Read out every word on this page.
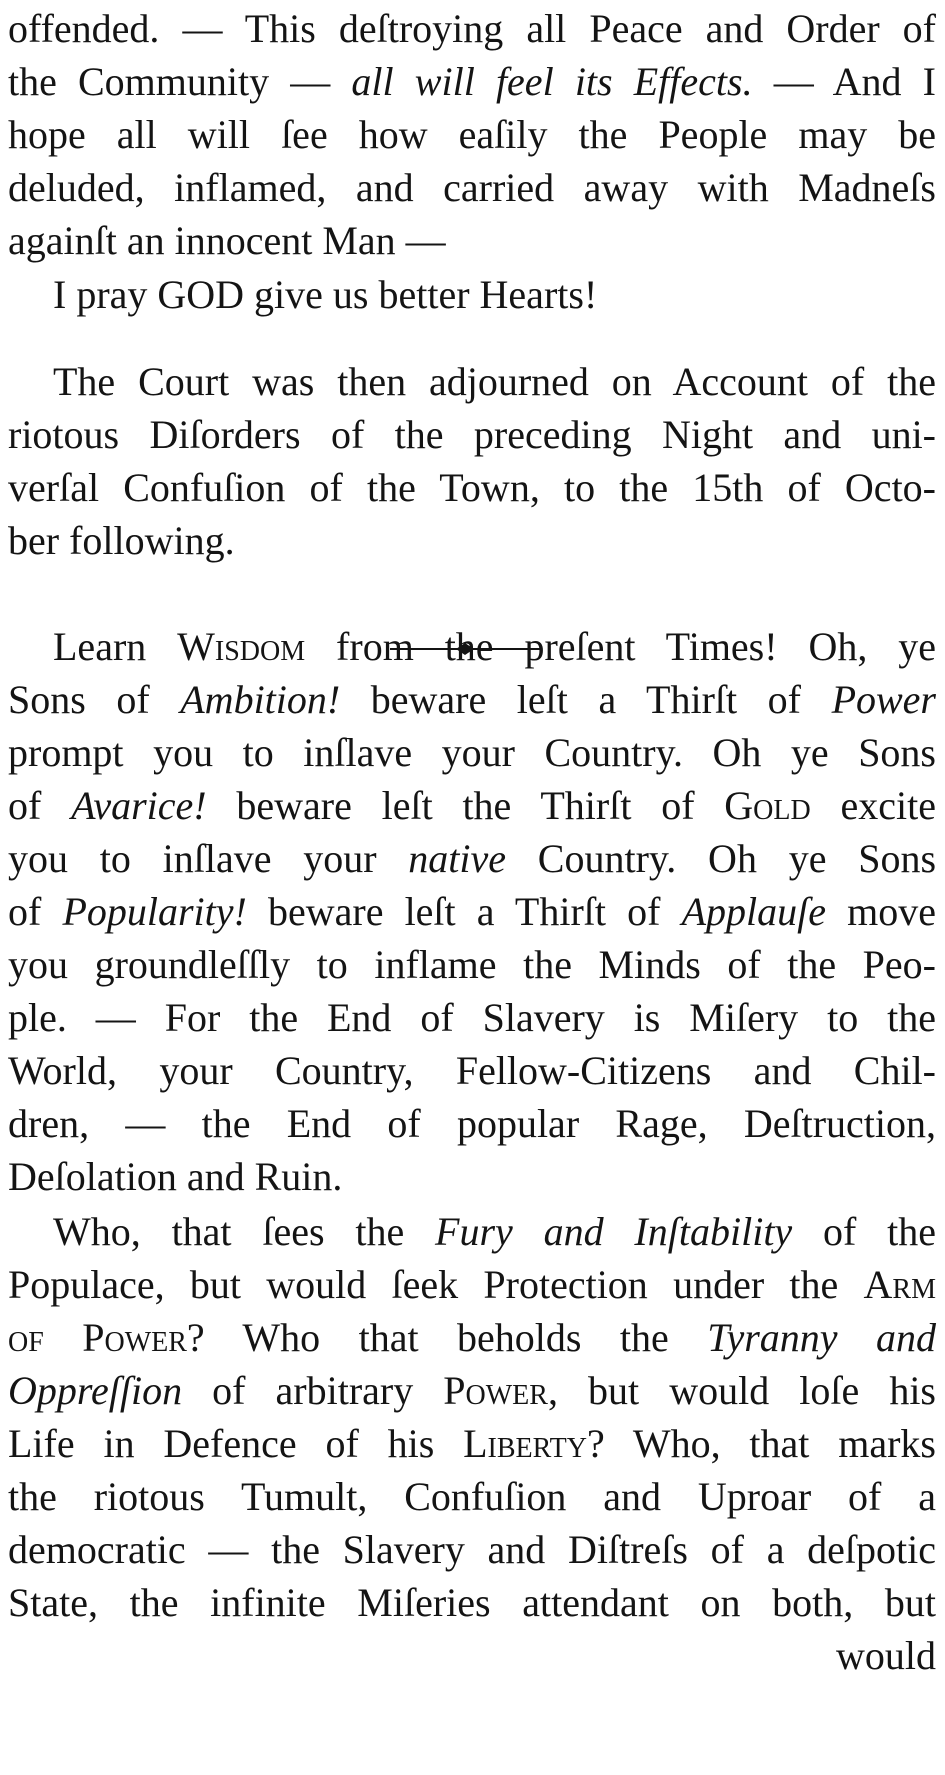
offended. — This deſtroying all Peace and Order of
the Community — all will feel its Effects. — And I
hope all will ſee how eaſily the People may be
deluded, inflamed, and carried away with Madneſs
againſt an innocent Man —

I pray GOD give us better Hearts!

The Court was then adjourned on Account of the
riotous Diſorders of the preceding Night and uni-
verſal Confuſion of the Town, to the 15th of Octo-
ber following.

Learn Wisdom from the preſent Times! Oh, ye
Sons of Ambition! beware leſt a Thirſt of Power
prompt you to inſlave your Country. Oh ye Sons
of Avarice! beware leſt the Thirſt of Gold excite
you to inſlave your native Country. Oh ye Sons
of Popularity! beware leſt a Thirſt of Applauſe move
you groundleſſly to inflame the Minds of the Peo-
ple. — For the End of Slavery is Miſery to the
World, your Country, Fellow-Citizens and Chil-
dren, — the End of popular Rage, Deſtruction,
Deſolation and Ruin.

Who, that ſees the Fury and Inſtability of the
Populace, but would ſeek Protection under the Arm
of Power? Who that beholds the Tyranny and
Oppreſſion of arbitrary Power, but would loſe his
Life in Defence of his Liberty? Who, that marks
the riotous Tumult, Confuſion and Uproar of a
democratic — the Slavery and Diſtreſs of a deſpotic
State, the infinite Miſeries attendant on both, but
would
